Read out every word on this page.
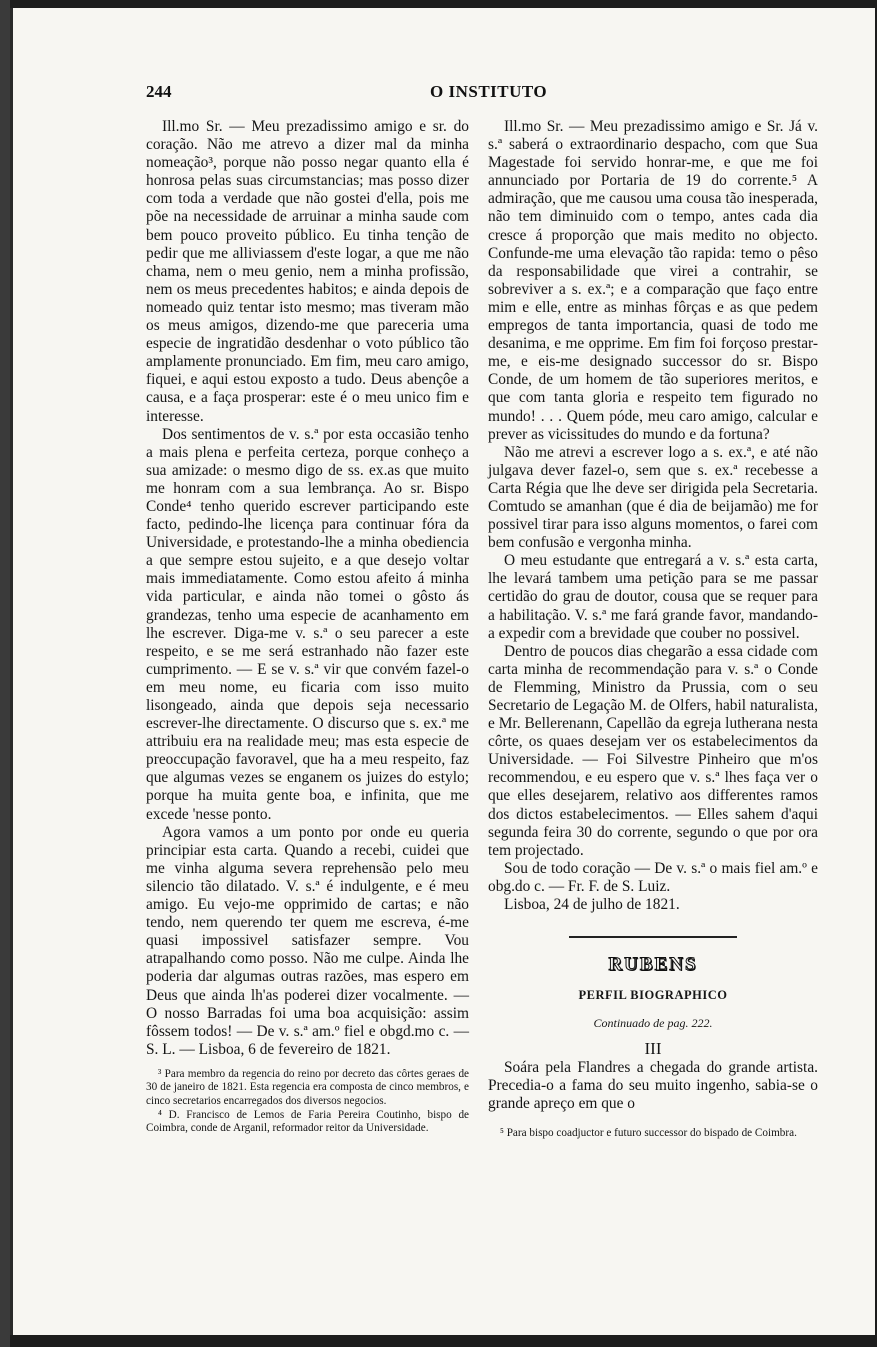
244	O INSTITUTO

Ill.mo Sr. — Meu prezadissimo amigo e sr. do coração. Não me atrevo a dizer mal da minha nomeação³, porque não posso negar quanto ella é honrosa pelas suas circumstancias; mas posso dizer com toda a verdade que não gostei d'ella, pois me põe na necessidade de arruinar a minha saude com bem pouco proveito público. Eu tinha tenção de pedir que me alliviassem d'este logar, a que me não chama, nem o meu genio, nem a minha profissão, nem os meus precedentes habitos; e ainda depois de nomeado quiz tentar isto mesmo; mas tiveram mão os meus amigos, dizendo-me que pareceria uma especie de ingratidão desdenhar o voto público tão amplamente pronunciado. Em fim, meu caro amigo, fiquei, e aqui estou exposto a tudo. Deus abençôe a causa, e a faça prosperar: este é o meu unico fim e interesse.

Dos sentimentos de v. s.ª por esta occasião tenho a mais plena e perfeita certeza, porque conheço a sua amizade: o mesmo digo de ss. ex.as que muito me honram com a sua lembrança. Ao sr. Bispo Conde⁴ tenho querido escrever participando este facto, pedindo-lhe licença para continuar fóra da Universidade, e protestando-lhe a minha obediencia a que sempre estou sujeito, e a que desejo voltar mais immediatamente. Como estou afeito á minha vida particular, e ainda não tomei o gôsto ás grandezas, tenho uma especie de acanhamento em lhe escrever. Diga-me v. s.ª o seu parecer a este respeito, e se me será estranhado não fazer este cumprimento. — E se v. s.ª vir que convém fazel-o em meu nome, eu ficaria com isso muito lisongeado, ainda que depois seja necessario escrever-lhe directamente. O discurso que s. ex.ª me attribuiu era na realidade meu; mas esta especie de preoccupação favoravel, que ha a meu respeito, faz que algumas vezes se enganem os juizes do estylo; porque ha muita gente boa, e infinita, que me excede 'nesse ponto.

Agora vamos a um ponto por onde eu queria principiar esta carta. Quando a recebi, cuidei que me vinha alguma severa reprehensão pelo meu silencio tão dilatado. V. s.ª é indulgente, e é meu amigo. Eu vejo-me opprimido de cartas; e não tendo, nem querendo ter quem me escreva, é-me quasi impossivel satisfazer sempre. Vou atrapalhando como posso. Não me culpe. Ainda lhe poderia dar algumas outras razões, mas espero em Deus que ainda lh'as poderei dizer vocalmente. — O nosso Barradas foi uma boa acquisição: assim fôssem todos! — De v. s.ª am.º fiel e obgd.mo c. — S. L. — Lisboa, 6 de fevereiro de 1821.

³ Para membro da regencia do reino por decreto das côrtes geraes de 30 de janeiro de 1821. Esta regencia era composta de cinco membros, e cinco secretarios encarregados dos diversos negocios.

⁴ D. Francisco de Lemos de Faria Pereira Coutinho, bispo de Coimbra, conde de Arganil, reformador reitor da Universidade.

Ill.mo Sr. — Meu prezadissimo amigo e Sr. Já v. s.ª saberá o extraordinario despacho, com que Sua Magestade foi servido honrar-me, e que me foi annunciado por Portaria de 19 do corrente.⁵ A admiração, que me causou uma cousa tão inesperada, não tem diminuido com o tempo, antes cada dia cresce á proporção que mais medito no objecto. Confunde-me uma elevação tão rapida: temo o pêso da responsabilidade que virei a contrahir, se sobreviver a s. ex.ª; e a comparação que faço entre mim e elle, entre as minhas fôrças e as que pedem empregos de tanta importancia, quasi de todo me desanima, e me opprime. Em fim foi forçoso prestar-me, e eis-me designado successor do sr. Bispo Conde, de um homem de tão superiores meritos, e que com tanta gloria e respeito tem figurado no mundo! . . . Quem póde, meu caro amigo, calcular e prever as vicissitudes do mundo e da fortuna?

Não me atrevi a escrever logo a s. ex.ª, e até não julgava dever fazel-o, sem que s. ex.ª recebesse a Carta Régia que lhe deve ser dirigida pela Secretaria. Comtudo se amanhan (que é dia de beijamão) me for possivel tirar para isso alguns momentos, o farei com bem confusão e vergonha minha.

O meu estudante que entregará a v. s.ª esta carta, lhe levará tambem uma petição para se me passar certidão do grau de doutor, cousa que se requer para a habilitação. V. s.ª me fará grande favor, mandando-a expedir com a brevidade que couber no possivel.

Dentro de poucos dias chegarão a essa cidade com carta minha de recommendação para v. s.ª o Conde de Flemming, Ministro da Prussia, com o seu Secretario de Legação M. de Olfers, habil naturalista, e Mr. Bellerenann, Capellão da egreja lutherana nesta côrte, os quaes desejam ver os estabelecimentos da Universidade. — Foi Silvestre Pinheiro que m'os recommendou, e eu espero que v. s.ª lhes faça ver o que elles desejarem, relativo aos differentes ramos dos dictos estabelecimentos. — Elles sahem d'aqui segunda feira 30 do corrente, segundo o que por ora tem projectado.

Sou de todo coração — De v. s.ª o mais fiel am.º e obg.do c. — Fr. F. de S. Luiz.

Lisboa, 24 de julho de 1821.

RUBENS
PERFIL BIOGRAPHICO
Continuado de pag. 222.
III

Soára pela Flandres a chegada do grande artista. Precedia-o a fama do seu muito ingenho, sabia-se o grande apreço em que o

⁵ Para bispo coadjuctor e futuro successor do bispado de Coimbra.
